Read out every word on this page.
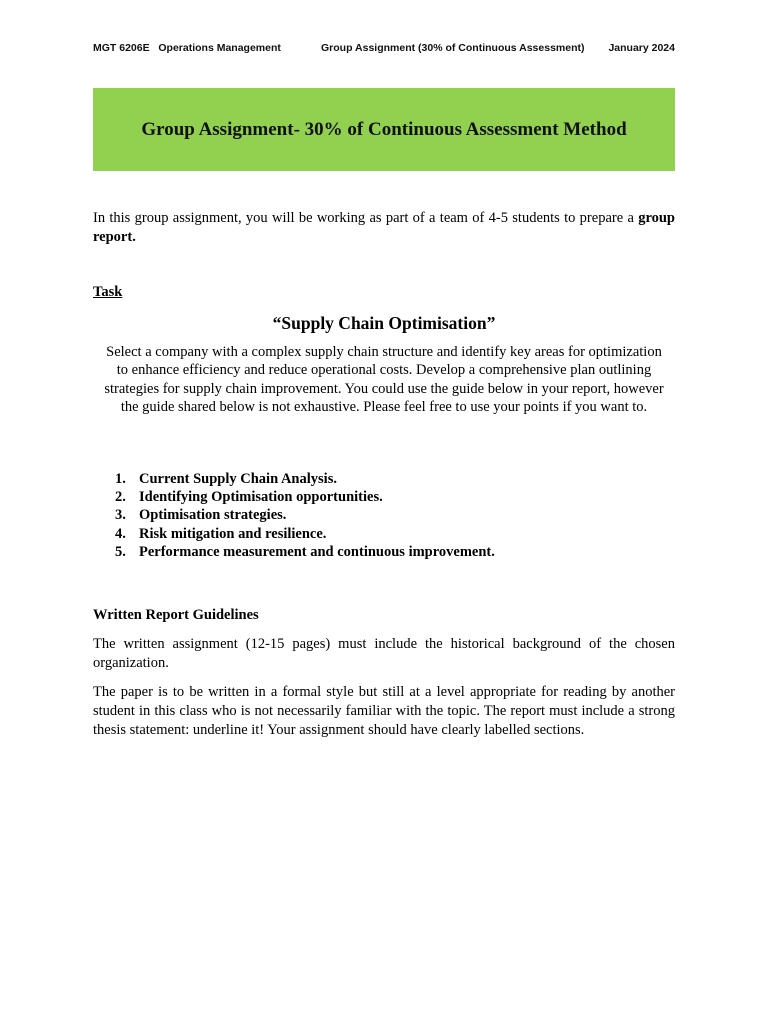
MGT 6206E   Operations Management	Group Assignment (30% of Continuous Assessment) January 2024
Group Assignment- 30% of Continuous Assessment Method

In this group assignment, you will be working as part of a team of 4-5 students to prepare a group report.

Task

“Supply Chain Optimisation”

Select a company with a complex supply chain structure and identify key areas for optimization to enhance efficiency and reduce operational costs. Develop a comprehensive plan outlining strategies for supply chain improvement. You could use the guide below in your report, however the guide shared below is not exhaustive. Please feel free to use your points if you want to.

1. Current Supply Chain Analysis.
2. Identifying Optimisation opportunities.
3. Optimisation strategies.
4. Risk mitigation and resilience.
5. Performance measurement and continuous improvement.

Written Report Guidelines

The written assignment (12-15 pages) must include the historical background of the chosen organization.

The paper is to be written in a formal style but still at a level appropriate for reading by another student in this class who is not necessarily familiar with the topic. The report must include a strong thesis statement: underline it! Your assignment should have clearly labelled sections.
